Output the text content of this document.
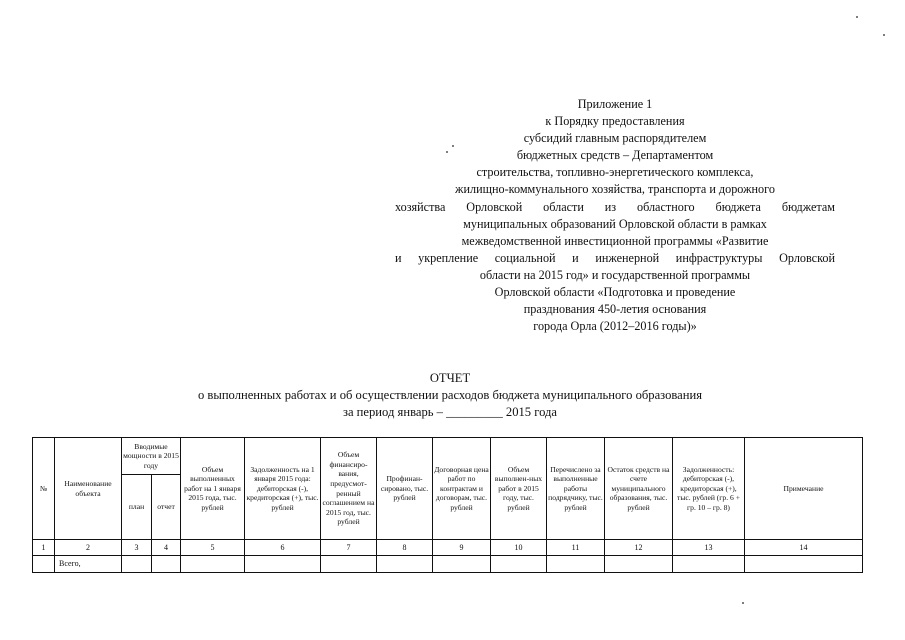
Приложение 1
к Порядку предоставления
субсидий главным распорядителем
бюджетных средств – Департаментом
строительства, топливно-энергетического комплекса,
жилищно-коммунального хозяйства, транспорта и дорожного
хозяйства Орловской области из областного бюджета бюджетам
муниципальных образований Орловской области в рамках
межведомственной инвестиционной программы «Развитие
и укрепление социальной и инженерной инфраструктуры Орловской
области на 2015 год» и государственной программы
Орловской области «Подготовка и проведение
празднования 450-летия основания
города Орла (2012–2016 годы)»
ОТЧЕТ
о выполненных работах и об осуществлении расходов бюджета муниципального образования
за период январь – _________ 2015 года
№	Наименование объекта	Вводимые мощности в 2015 году		Объем выполненных работ на 1 января 2015 года, тыс. рублей	Задолженность на 1 января 2015 года: дебиторская (-), кредиторская (+), тыс. рублей	Объем финансиро-вания, предусмот-ренный соглашением на 2015 год, тыс. рублей	Профинан-сировано, тыс. рублей	Договорная цена работ по контрактам и договорам, тыс. рублей	Объем выполнен-ных работ в 2015 году, тыс. рублей	Перечислено за выполненные работы подрядчику, тыс. рублей	Остаток средств на счете муниципального образования, тыс. рублей	Задолженность: дебиторская (-), кредиторская (+), тыс. рублей (гр. 6 + гр. 10 – гр. 8)	Примечание
		план	отчет										
1	2	3	4	5	6	7	8	9	10	11	12	13	14
	Всего,												
